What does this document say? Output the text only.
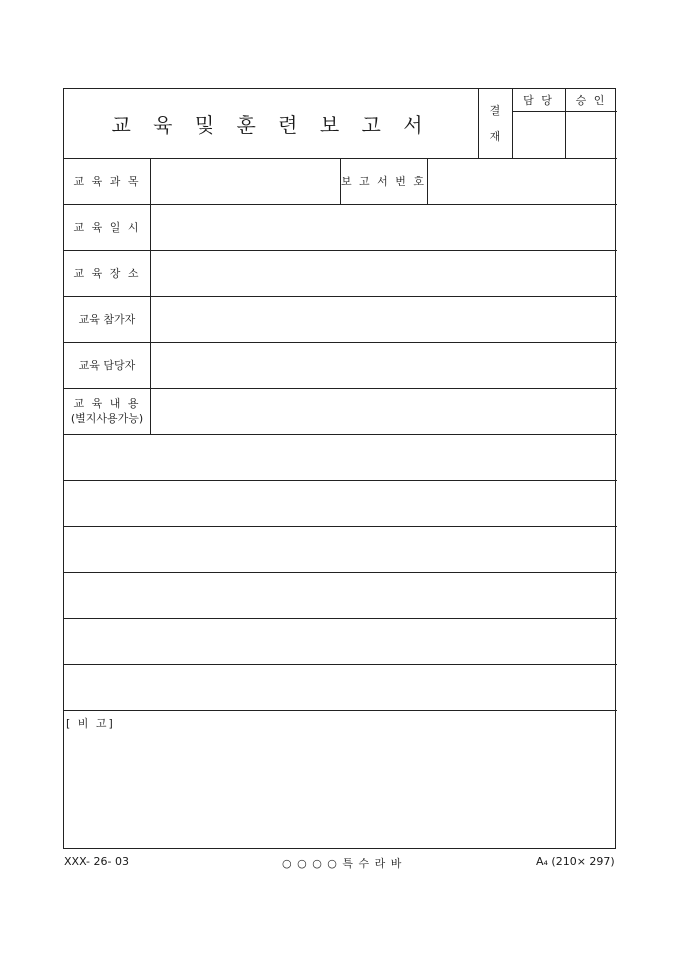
교 육 및 훈 련 보 고 서
결
재
담 당	승 인
교 육 과 목	보 고 서 번 호
교 육 일 시
교 육 장 소
교육 참가자
교육 담당자
교 육 내 용
(별지사용가능)
[ 비 고]
XXX- 26- 03	○ ○ ○ ○ 특 수 라 바	A₄ (210× 297)
